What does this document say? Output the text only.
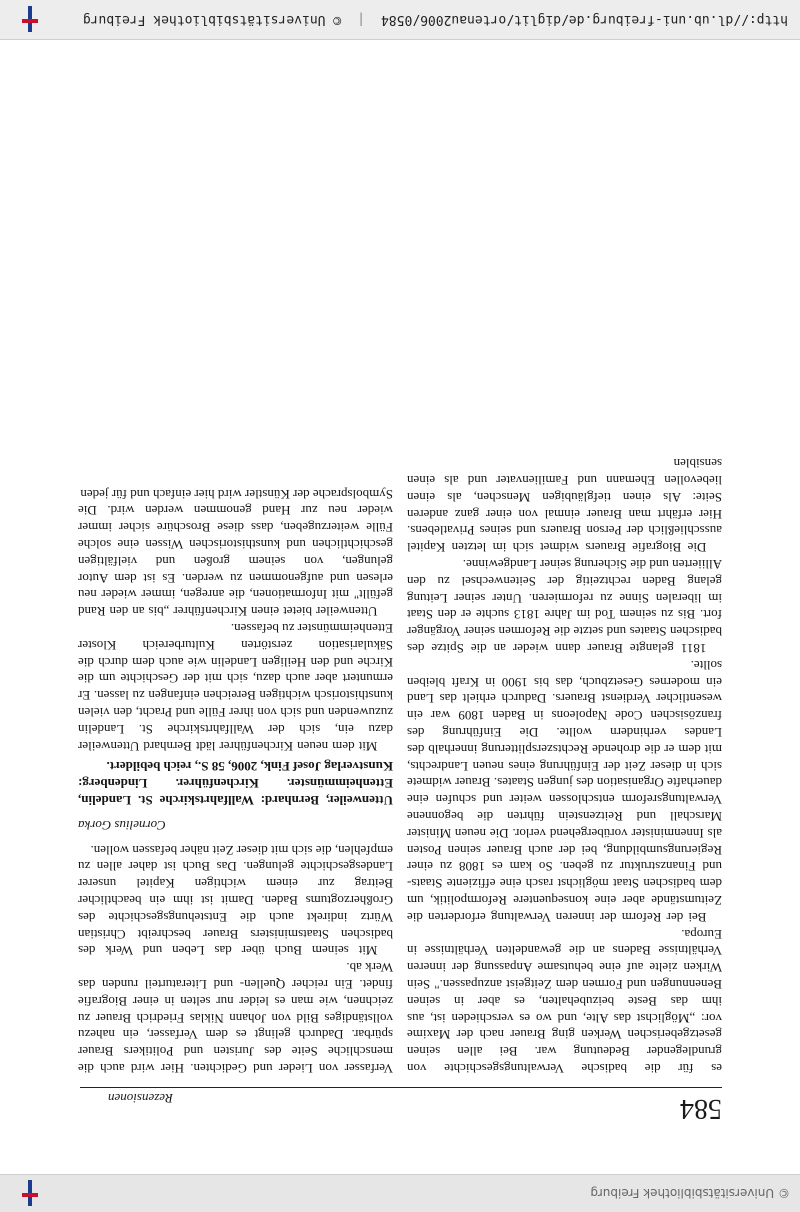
© Universitätsbibliothek Freiburg
584
Rezensionen

es für die badische Verwaltungsgeschichte von grundlegender Bedeutung war. Bei allen seinen gesetzgeberischen Werken ging Brauer nach der Maxime vor: „Möglichst das Alte, und wo es verschieden ist, aus ihm das Beste beizubehalten, es aber in seinen Benennungen und Formen dem Zeitgeist anzupassen." Sein Wirken zielte auf eine behutsame Anpassung der inneren Verhältnisse Badens an die gewandelten Verhältnisse in Europa.

Bei der Reform der inneren Verwaltung erforderten die Zeitumstände aber eine konsequentere Reformpolitik, um dem badischen Staat möglichst rasch eine effiziente Staats- und Finanzstruktur zu geben. So kam es 1808 zu einer Regierungsumbildung, bei der auch Brauer seinen Posten als Innenminister vorübergehend verlor. Die neuen Minister Marschall und Reitzenstein führten die begonnene Verwaltungsreform entschlossen weiter und schufen eine dauerhafte Organisation des jungen Staates. Brauer widmete sich in dieser Zeit der Einführung eines neuen Landrechts, mit dem er die drohende Rechtszersplitterung innerhalb des Landes verhindern wollte. Die Einführung des französischen Code Napoleons in Baden 1809 war ein wesentlicher Verdienst Brauers. Dadurch erhielt das Land ein modernes Gesetzbuch, das bis 1900 in Kraft bleiben sollte.

1811 gelangte Brauer dann wieder an die Spitze des badischen Staates und setzte die Reformen seiner Vorgänger fort. Bis zu seinem Tod im Jahre 1813 suchte er den Staat im liberalen Sinne zu reformieren. Unter seiner Leitung gelang Baden rechtzeitig der Seitenwechsel zu den Alliierten und die Sicherung seiner Landgewinne.

Die Biografie Brauers widmet sich im letzten Kapitel ausschließlich der Person Brauers und seines Privatlebens. Hier erfährt man Brauer einmal von einer ganz anderen Seite: Als einen tiefgläubigen Menschen, als einen liebevollen Ehemann und Familienvater und als einen sensiblen

Verfasser von Lieder und Gedichten. Hier wird auch die menschliche Seite des Juristen und Politikers Brauer spürbar. Dadurch gelingt es dem Verfasser, ein nahezu vollständiges Bild von Johann Niklas Friedrich Brauer zu zeichnen, wie man es leider nur selten in einer Biografie findet. Ein reicher Quellen- und Literaturteil runden das Werk ab.

Mit seinem Buch über das Leben und Werk des badischen Staatsministers Brauer beschreibt Christian Würtz indirekt auch die Entstehungsgeschichte des Großherzogtums Baden. Damit ist ihm ein beachtlicher Beitrag zur einem wichtigen Kapitel unserer Landesgeschichte gelungen. Das Buch ist daher allen zu empfehlen, die sich mit dieser Zeit näher befassen wollen.

Cornelius Gorka

Uttenweiler, Bernhard: Wallfahrtskirche St. Landelin, Ettenheimmünster. Kirchenführer. Lindenberg: Kunstverlag Josef Fink, 2006, 58 S., reich bebildert.

Mit dem neuen Kirchenführer lädt Bernhard Uttenweiler dazu ein, sich der Wallfahrtskirche St. Landelin zuzuwenden und sich von ihrer Fülle und Pracht, den vielen kunsthistorisch wichtigen Bereichen einfangen zu lassen. Er ermuntert aber auch dazu, sich mit der Geschichte um die Kirche und den Heiligen Landelin wie auch dem durch die Säkularisation zerstörten Kulturbereich Kloster Ettenheimmünster zu befassen.

Uttenweiler bietet einen Kirchenführer „bis an den Rand gefüllt" mit Informationen, die anregen, immer wieder neu erlesen und aufgenommen zu werden. Es ist dem Autor gelungen, von seinem großen und vielfältigen geschichtlichen und kunsthistorischen Wissen eine solche Fülle weiterzugeben, dass diese Broschüre sicher immer wieder neu zur Hand genommen werden wird. Die Symbolsprache der Künstler wird hier einfach und für jeden

http://dl.ub.uni-freiburg.de/diglit/ortenau2006/0584
|
© Universitätsbibliothek Freiburg
